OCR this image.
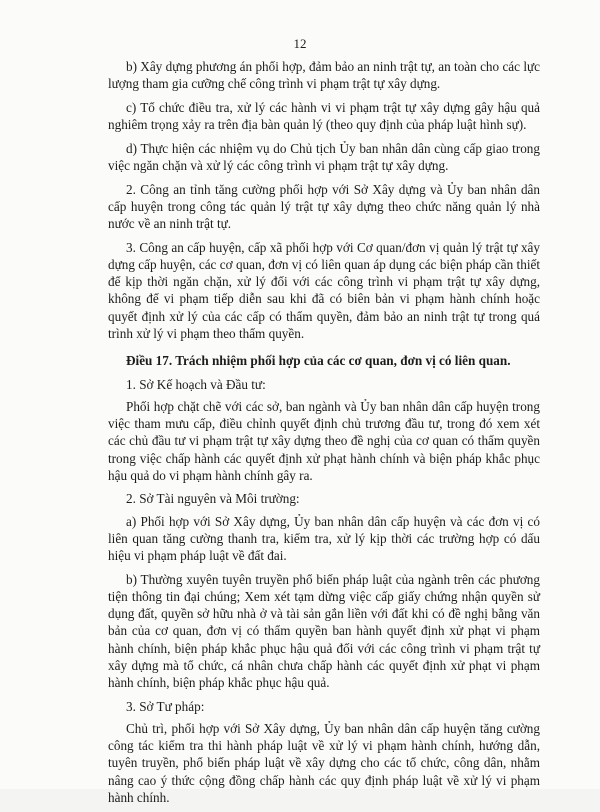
12

b) Xây dựng phương án phối hợp, đảm bảo an ninh trật tự, an toàn cho các lực lượng tham gia cưỡng chế công trình vi phạm trật tự xây dựng.

c) Tổ chức điều tra, xử lý các hành vi vi phạm trật tự xây dựng gây hậu quả nghiêm trọng xảy ra trên địa bàn quản lý (theo quy định của pháp luật hình sự).

d) Thực hiện các nhiệm vụ do Chủ tịch Ủy ban nhân dân cùng cấp giao trong việc ngăn chặn và xử lý các công trình vi phạm trật tự xây dựng.

2. Công an tỉnh tăng cường phối hợp với Sở Xây dựng và Ủy ban nhân dân cấp huyện trong công tác quản lý trật tự xây dựng theo chức năng quản lý nhà nước về an ninh trật tự.

3. Công an cấp huyện, cấp xã phối hợp với Cơ quan/đơn vị quản lý trật tự xây dựng cấp huyện, các cơ quan, đơn vị có liên quan áp dụng các biện pháp cần thiết để kịp thời ngăn chặn, xử lý đối với các công trình vi phạm trật tự xây dựng, không để vi phạm tiếp diễn sau khi đã có biên bản vi phạm hành chính hoặc quyết định xử lý của các cấp có thẩm quyền, đảm bảo an ninh trật tự trong quá trình xử lý vi phạm theo thẩm quyền.

Điều 17. Trách nhiệm phối hợp của các cơ quan, đơn vị có liên quan.

1. Sở Kế hoạch và Đầu tư:

Phối hợp chặt chẽ với các sở, ban ngành và Ủy ban nhân dân cấp huyện trong việc tham mưu cấp, điều chỉnh quyết định chủ trương đầu tư, trong đó xem xét các chủ đầu tư vi phạm trật tự xây dựng theo đề nghị của cơ quan có thẩm quyền trong việc chấp hành các quyết định xử phạt hành chính và biện pháp khắc phục hậu quả do vi phạm hành chính gây ra.

2. Sở Tài nguyên và Môi trường:

a) Phối hợp với Sở Xây dựng, Ủy ban nhân dân cấp huyện và các đơn vị có liên quan tăng cường thanh tra, kiểm tra, xử lý kịp thời các trường hợp có dấu hiệu vi phạm pháp luật về đất đai.

b) Thường xuyên tuyên truyền phổ biến pháp luật của ngành trên các phương tiện thông tin đại chúng; Xem xét tạm dừng việc cấp giấy chứng nhận quyền sử dụng đất, quyền sở hữu nhà ở và tài sản gắn liền với đất khi có đề nghị bằng văn bản của cơ quan, đơn vị có thẩm quyền ban hành quyết định xử phạt vi phạm hành chính, biện pháp khắc phục hậu quả đối với các công trình vi phạm trật tự xây dựng mà tổ chức, cá nhân chưa chấp hành các quyết định xử phạt vi phạm hành chính, biện pháp khắc phục hậu quả.

3. Sở Tư pháp:

Chủ trì, phối hợp với Sở Xây dựng, Ủy ban nhân dân cấp huyện tăng cường công tác kiểm tra thi hành pháp luật về xử lý vi phạm hành chính, hướng dẫn, tuyên truyền, phổ biến pháp luật về xây dựng cho các tổ chức, công dân, nhằm nâng cao ý thức cộng đồng chấp hành các quy định pháp luật về xử lý vi phạm hành chính.
